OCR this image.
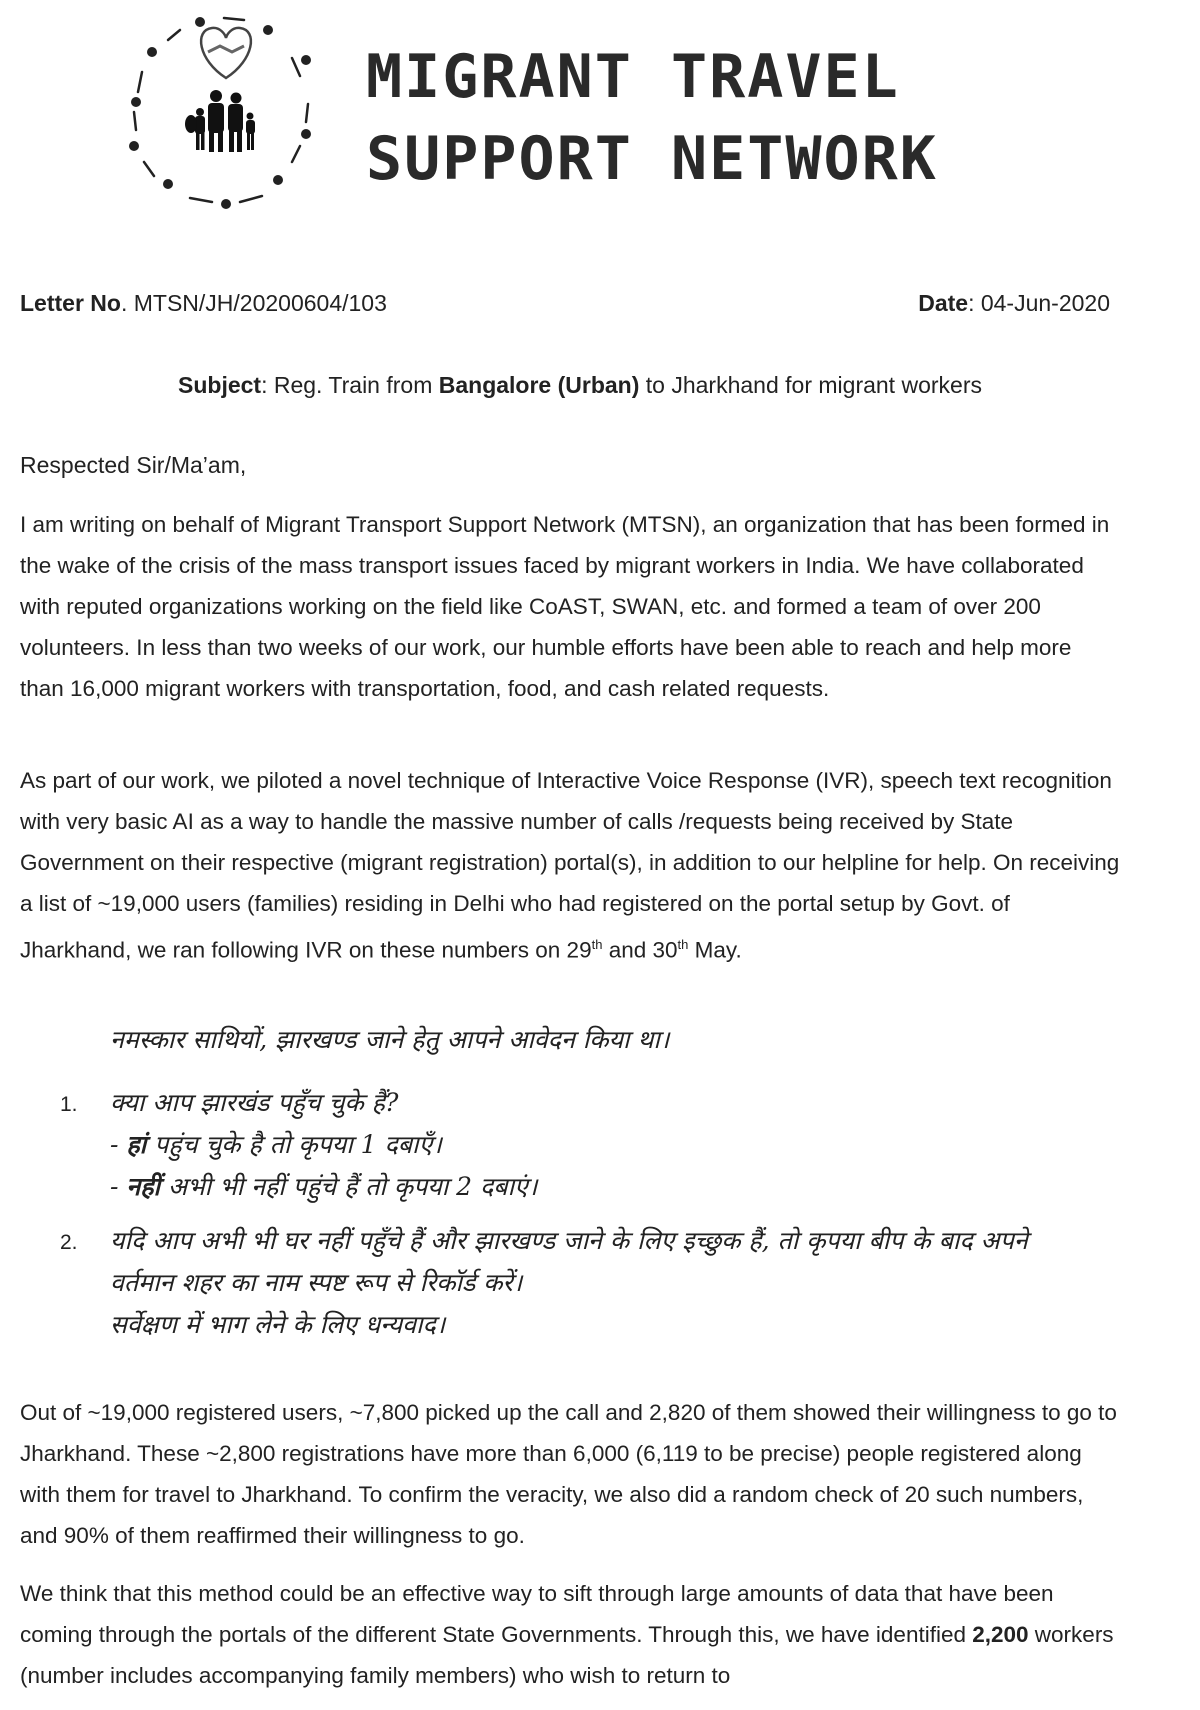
MIGRANT TRAVEL
SUPPORT NETWORK
Letter No. MTSN/JH/20200604/103	Date: 04-Jun-2020
Subject: Reg. Train from Bangalore (Urban) to Jharkhand for migrant workers
Respected Sir/Ma’am,

I am writing on behalf of Migrant Transport Support Network (MTSN), an organization that has been formed in the wake of the crisis of the mass transport issues faced by migrant workers in India. We have collaborated with reputed organizations working on the field like CoAST, SWAN, etc. and formed a team of over 200 volunteers. In less than two weeks of our work, our humble efforts have been able to reach and help more than 16,000 migrant workers with transportation, food, and cash related requests.

As part of our work, we piloted a novel technique of Interactive Voice Response (IVR), speech text recognition with very basic AI as a way to handle the massive number of calls /requests being received by State Government on their respective (migrant registration) portal(s), in addition to our helpline for help. On receiving a list of ~19,000 users (families) residing in Delhi who had registered on the portal setup by Govt. of Jharkhand, we ran following IVR on these numbers on 29th and 30th May.

नमस्कार साथियों, झारखण्ड जाने हेतु आपने आवेदन किया था।
1. क्या आप झारखंड पहुँच चुके हैं?
- हां पहुंच चुके है तो कृपया 1 दबाएँ।
- नहीं अभी भी नहीं पहुंचे हैं तो कृपया 2 दबाएं।
2. यदि आप अभी भी घर नहीं पहुँचे हैं और झारखण्ड जाने के लिए इच्छुक हैं, तो कृपया बीप के बाद अपने
वर्तमान शहर का नाम स्पष्ट रूप से रिकॉर्ड करें।
सर्वेक्षण में भाग लेने के लिए धन्यवाद।

Out of ~19,000 registered users, ~7,800 picked up the call and 2,820 of them showed their willingness to go to Jharkhand. These ~2,800 registrations have more than 6,000 (6,119 to be precise) people registered along with them for travel to Jharkhand. To confirm the veracity, we also did a random check of 20 such numbers, and 90% of them reaffirmed their willingness to go.

We think that this method could be an effective way to sift through large amounts of data that have been coming through the portals of the different State Governments. Through this, we have identified 2,200 workers (number includes accompanying family members) who wish to return to
